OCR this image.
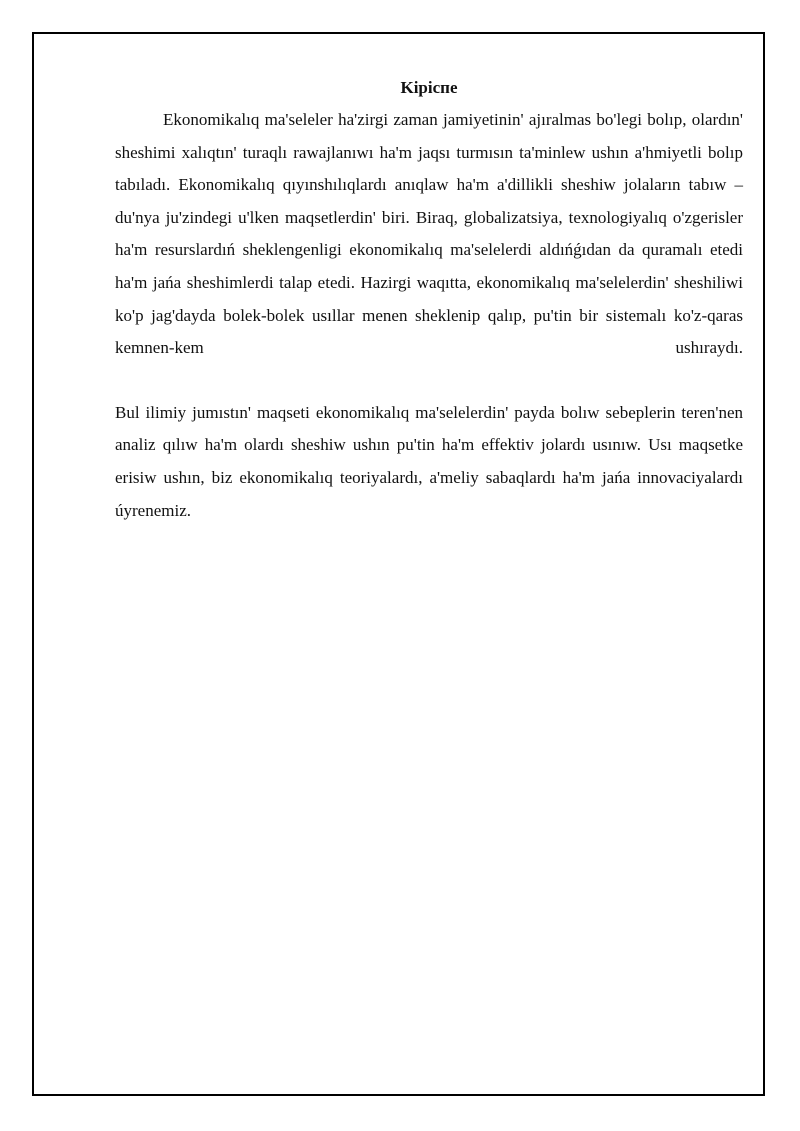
Kipicпe

Ekonomikalıq ma'seleler ha'zirgi zaman jamiyetinin' ajıralmas bo'legi bolıp, olardın' sheshimi xalıqtın' turaqlı rawajlanıwı ha'm jaqsı turmısın ta'minlew ushın a'hmiyetli bolıp tabıladı. Ekonomikalıq qıyınshılıqlardı anıqlaw ha'm a'dillikli sheshiw jolaların tabıw – du'nya ju'zindegi u'lken maqsetlerdin' biri. Biraq, globalizatsiya, texnologiyalıq o'zgerisler ha'm resurslardıń sheklengenligi ekonomikalıq ma'selelerdi aldıńǵıdan da quramalı etedi ha'm jańa sheshimlerdi talap etedi. Hazirgi waqıtta, ekonomikalıq ma'selelerdin' sheshiliwi ko'p jag'dayda bolek-bolek usıllar menen sheklenip qalıp, pu'tin bir sistemalı ko'z-qaras kemnen-kem ushıraydı.

Bul ilimiy jumıstın' maqseti ekonomikalıq ma'selelerdin' payda bolıw sebeplerin teren'nen analiz qılıw ha'm olardı sheshiw ushın pu'tin ha'm effektiv jolardı usınıw. Usı maqsetke erisiw ushın, biz ekonomikalıq teoriyalardı, a'meliy sabaqlardı ha'm jańa innovaciyalardı úyrenemiz.
